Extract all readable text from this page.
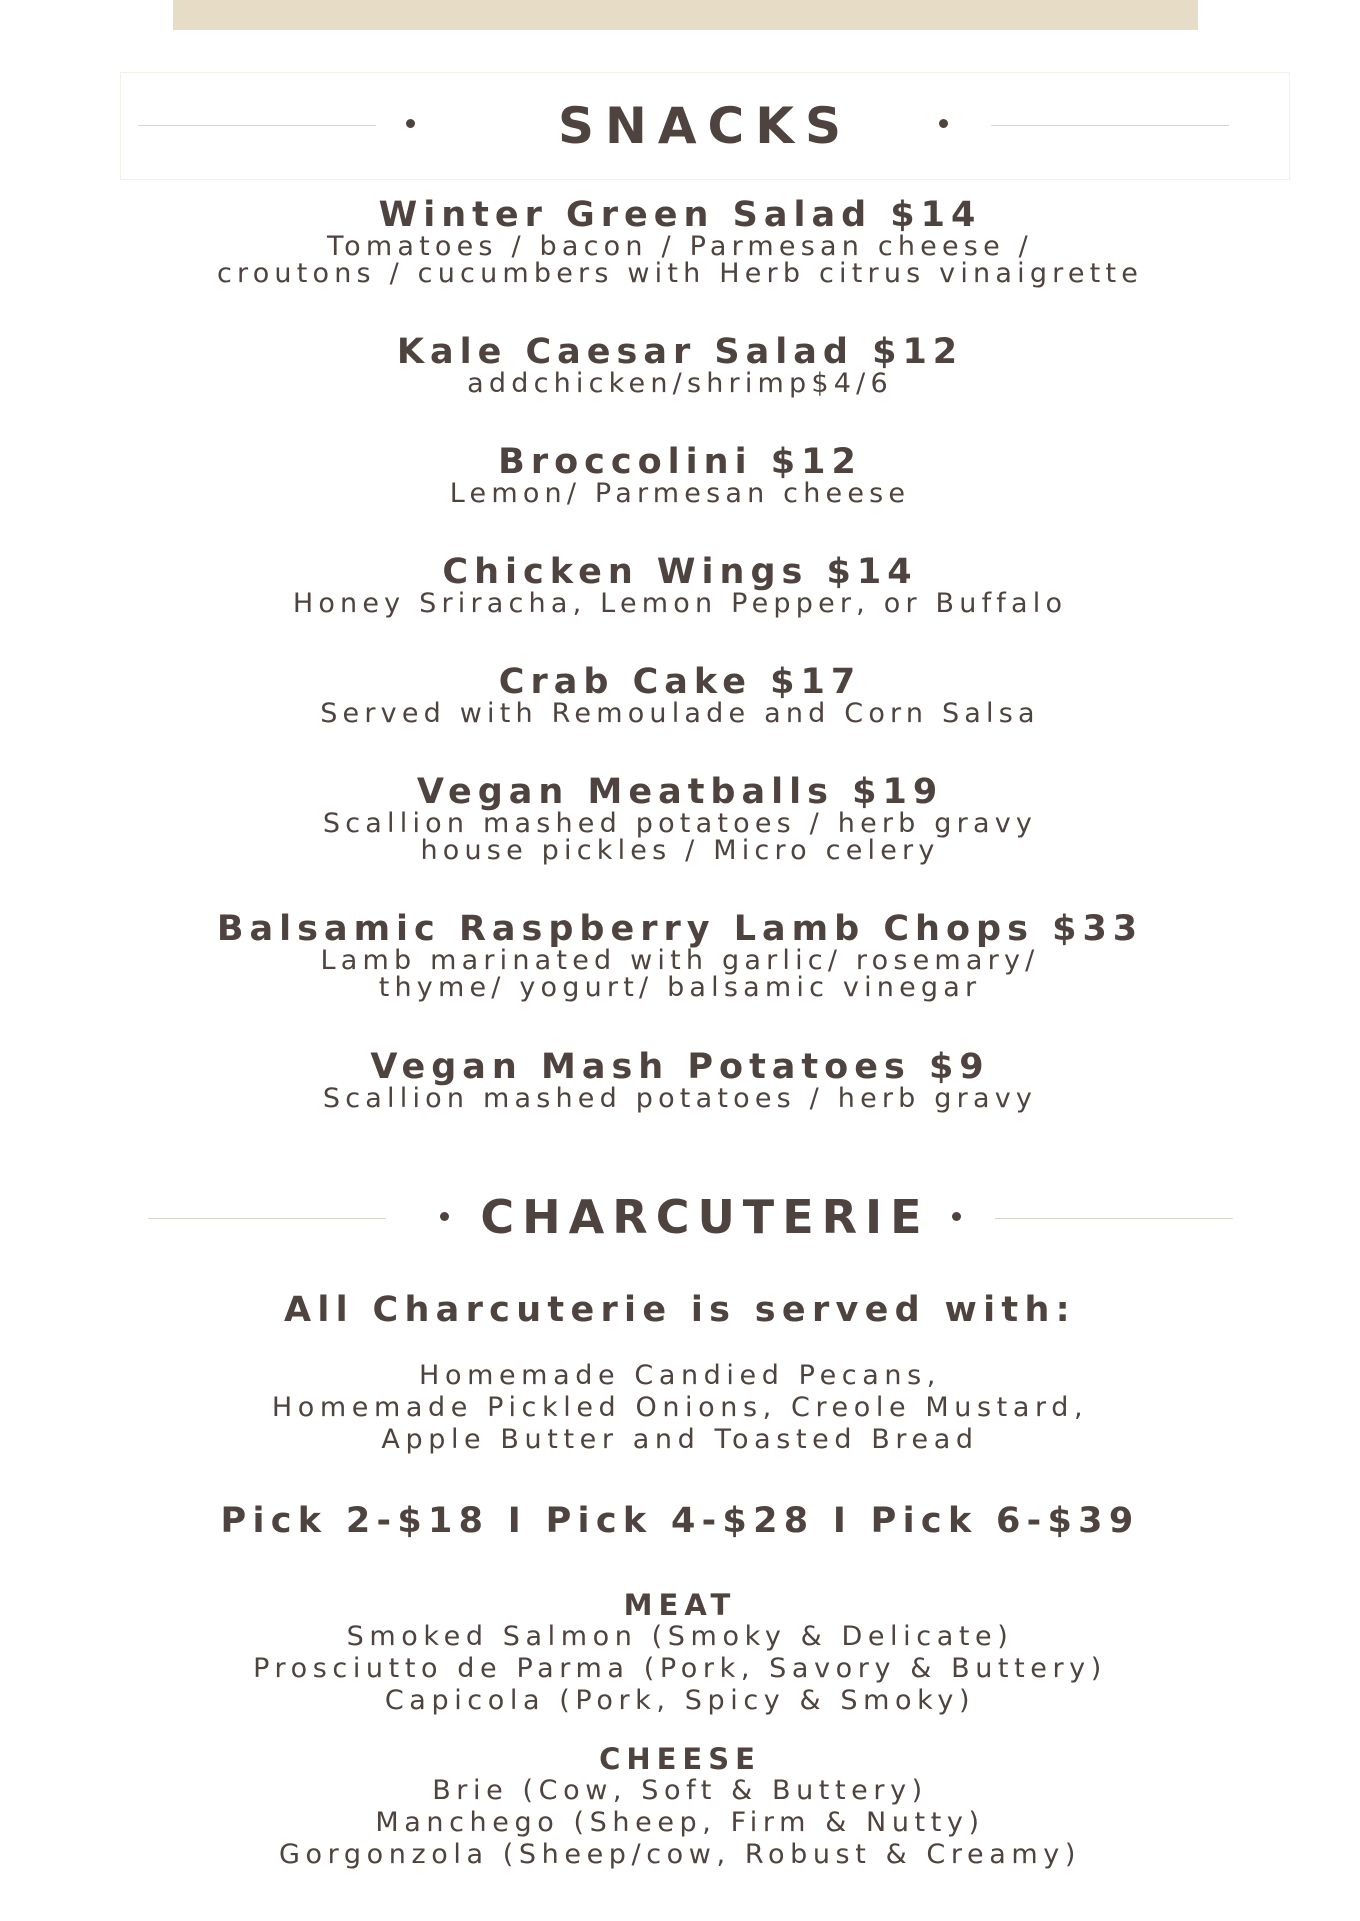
SNACKS
Winter Green Salad $14
Tomatoes / bacon / Parmesan cheese /
croutons / cucumbers with Herb citrus vinaigrette
Kale Caesar Salad $12
addchicken/shrimp$4/6
Broccolini $12
Lemon/ Parmesan cheese
Chicken Wings $14
Honey Sriracha, Lemon Pepper, or Buffalo
Crab Cake $17
Served with Remoulade and Corn Salsa
Vegan Meatballs $19
Scallion mashed potatoes / herb gravy
house pickles / Micro celery
Balsamic Raspberry Lamb Chops $33
Lamb marinated with garlic/ rosemary/
thyme/ yogurt/ balsamic vinegar
Vegan Mash Potatoes $9
Scallion mashed potatoes / herb gravy
CHARCUTERIE
All Charcuterie is served with:
Homemade Candied Pecans,
Homemade Pickled Onions, Creole Mustard,
Apple Butter and Toasted Bread
Pick 2-$18 I Pick 4-$28 I Pick 6-$39
MEAT
Smoked Salmon (Smoky & Delicate)
Prosciutto de Parma (Pork, Savory & Buttery)
Capicola (Pork, Spicy & Smoky)
CHEESE
Brie (Cow, Soft & Buttery)
Manchego (Sheep, Firm & Nutty)
Gorgonzola (Sheep/cow, Robust & Creamy)
